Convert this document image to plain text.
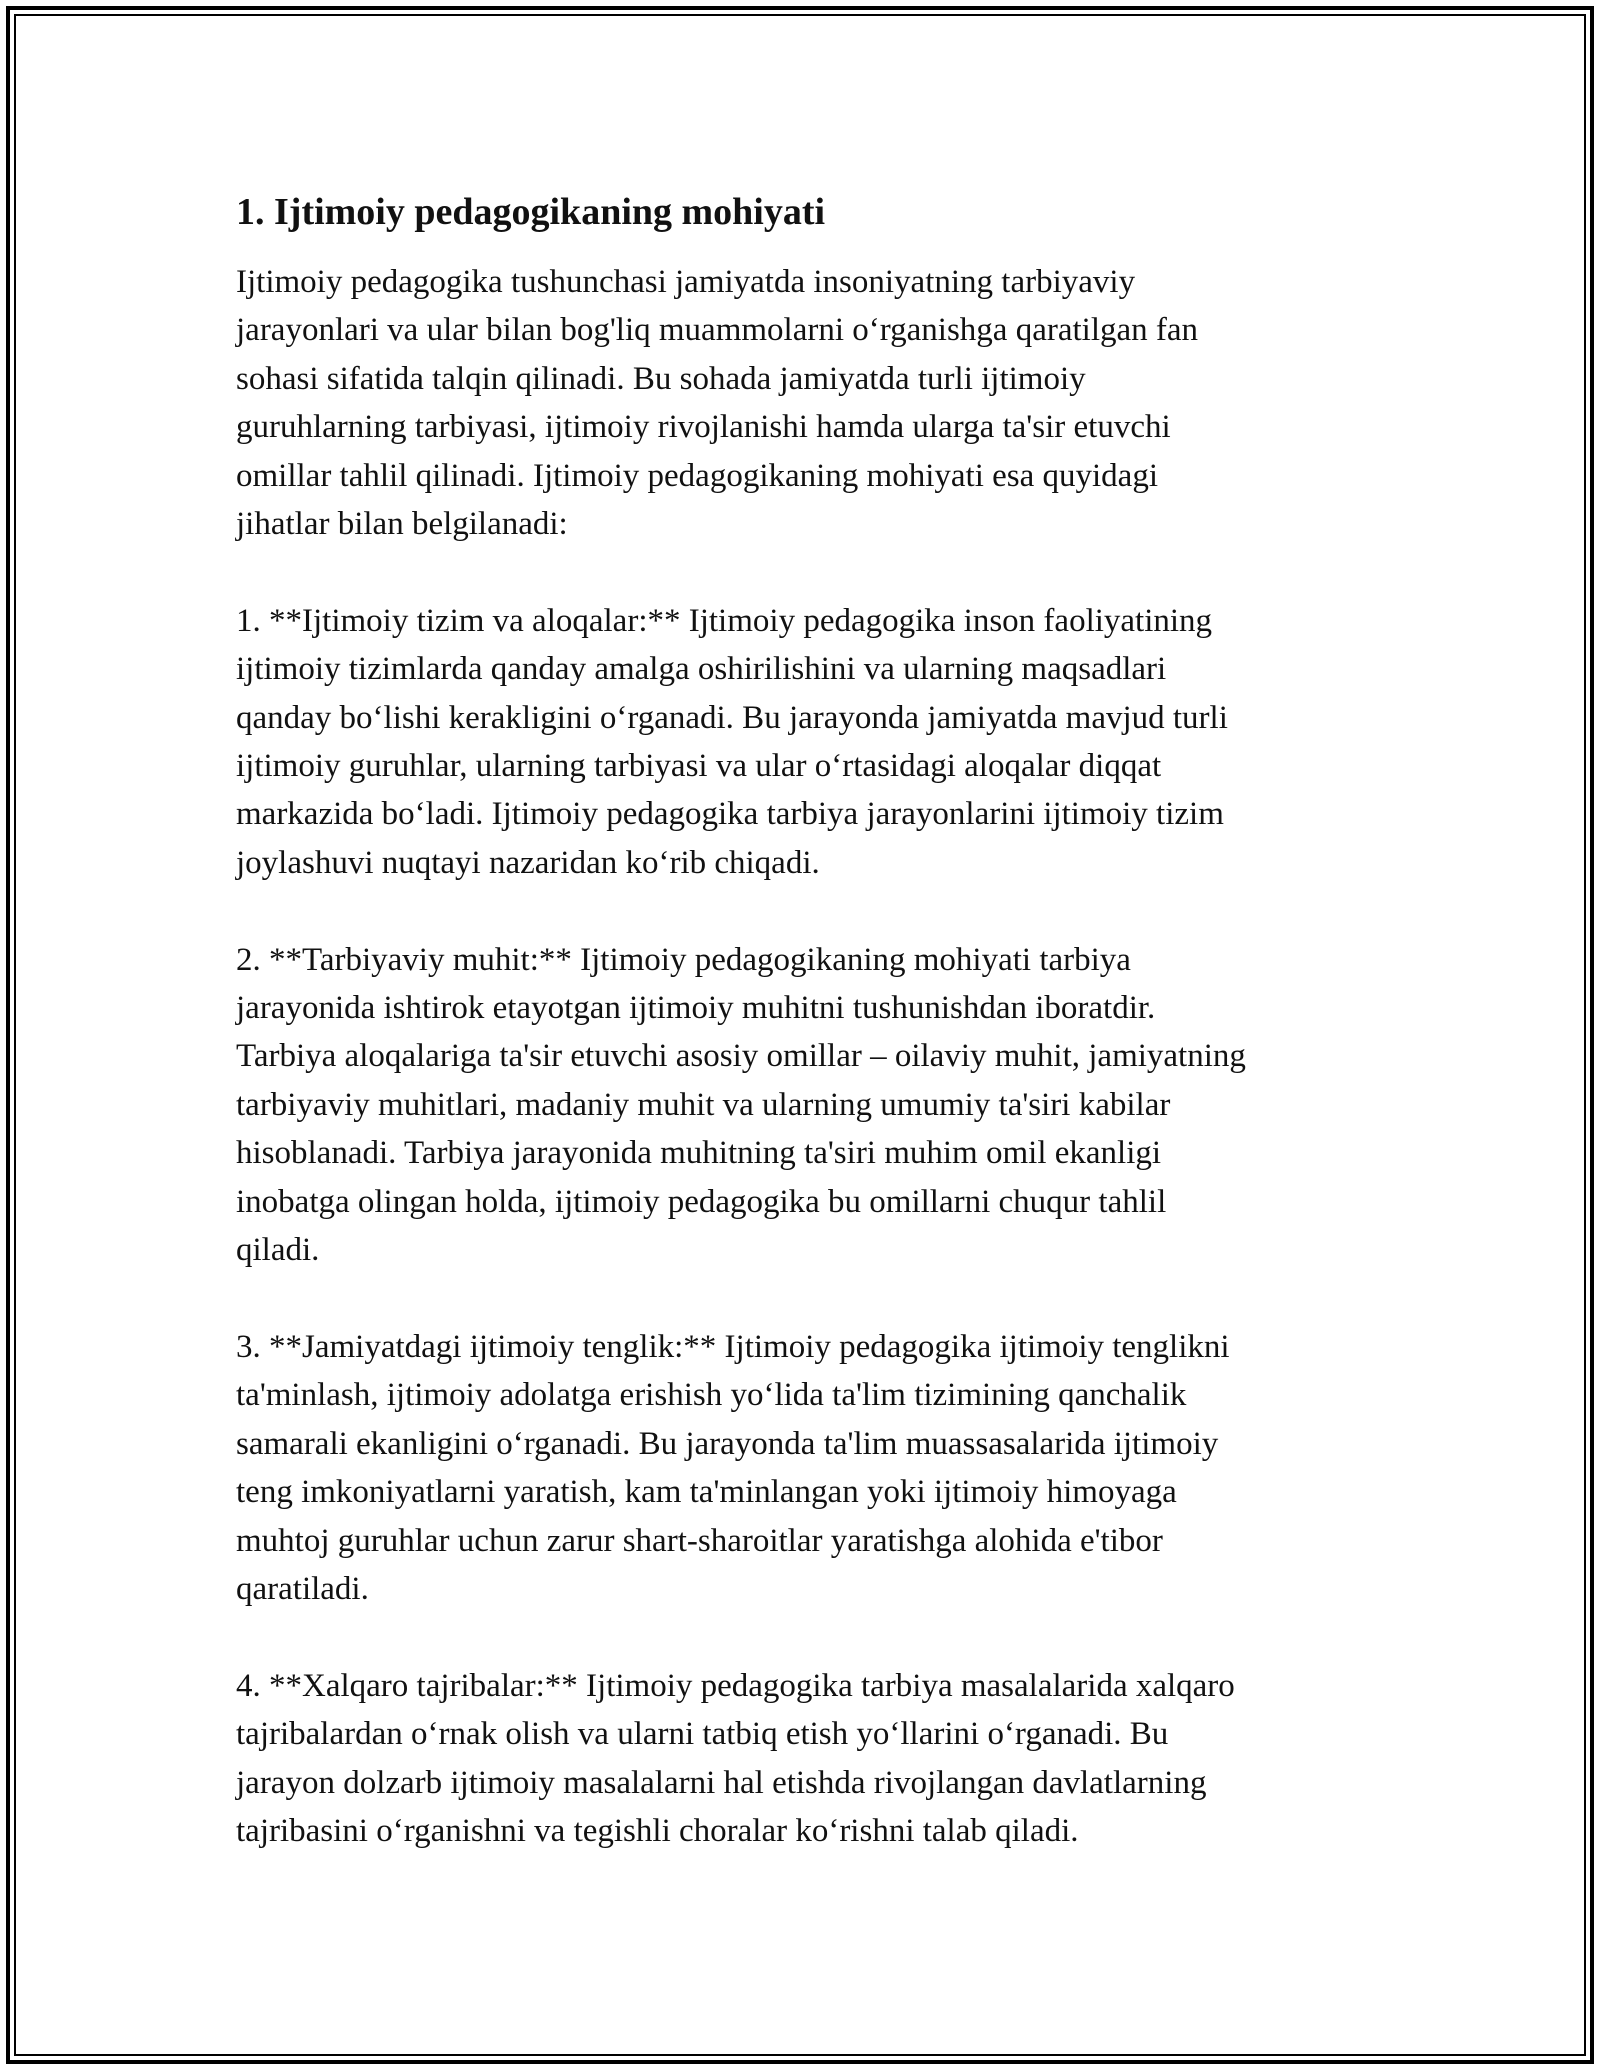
1. Ijtimoiy pedagogikaning mohiyati

Ijtimoiy pedagogika tushunchasi jamiyatda insoniyatning tarbiyaviy
jarayonlari va ular bilan bog'liq muammolarni o‘rganishga qaratilgan fan
sohasi sifatida talqin qilinadi. Bu sohada jamiyatda turli ijtimoiy
guruhlarning tarbiyasi, ijtimoiy rivojlanishi hamda ularga ta'sir etuvchi
omillar tahlil qilinadi. Ijtimoiy pedagogikaning mohiyati esa quyidagi
jihatlar bilan belgilanadi:

1. **Ijtimoiy tizim va aloqalar:** Ijtimoiy pedagogika inson faoliyatining
ijtimoiy tizimlarda qanday amalga oshirilishini va ularning maqsadlari
qanday bo‘lishi kerakligini o‘rganadi. Bu jarayonda jamiyatda mavjud turli
ijtimoiy guruhlar, ularning tarbiyasi va ular o‘rtasidagi aloqalar diqqat
markazida bo‘ladi. Ijtimoiy pedagogika tarbiya jarayonlarini ijtimoiy tizim
joylashuvi nuqtayi nazaridan ko‘rib chiqadi.

2. **Tarbiyaviy muhit:** Ijtimoiy pedagogikaning mohiyati tarbiya
jarayonida ishtirok etayotgan ijtimoiy muhitni tushunishdan iboratdir.
Tarbiya aloqalariga ta'sir etuvchi asosiy omillar – oilaviy muhit, jamiyatning
tarbiyaviy muhitlari, madaniy muhit va ularning umumiy ta'siri kabilar
hisoblanadi. Tarbiya jarayonida muhitning ta'siri muhim omil ekanligi
inobatga olingan holda, ijtimoiy pedagogika bu omillarni chuqur tahlil
qiladi.

3. **Jamiyatdagi ijtimoiy tenglik:** Ijtimoiy pedagogika ijtimoiy tenglikni
ta'minlash, ijtimoiy adolatga erishish yo‘lida ta'lim tizimining qanchalik
samarali ekanligini o‘rganadi. Bu jarayonda ta'lim muassasalarida ijtimoiy
teng imkoniyatlarni yaratish, kam ta'minlangan yoki ijtimoiy himoyaga
muhtoj guruhlar uchun zarur shart-sharoitlar yaratishga alohida e'tibor
qaratiladi.

4. **Xalqaro tajribalar:** Ijtimoiy pedagogika tarbiya masalalarida xalqaro
tajribalardan o‘rnak olish va ularni tatbiq etish yo‘llarini o‘rganadi. Bu
jarayon dolzarb ijtimoiy masalalarni hal etishda rivojlangan davlatlarning
tajribasini o‘rganishni va tegishli choralar ko‘rishni talab qiladi.
